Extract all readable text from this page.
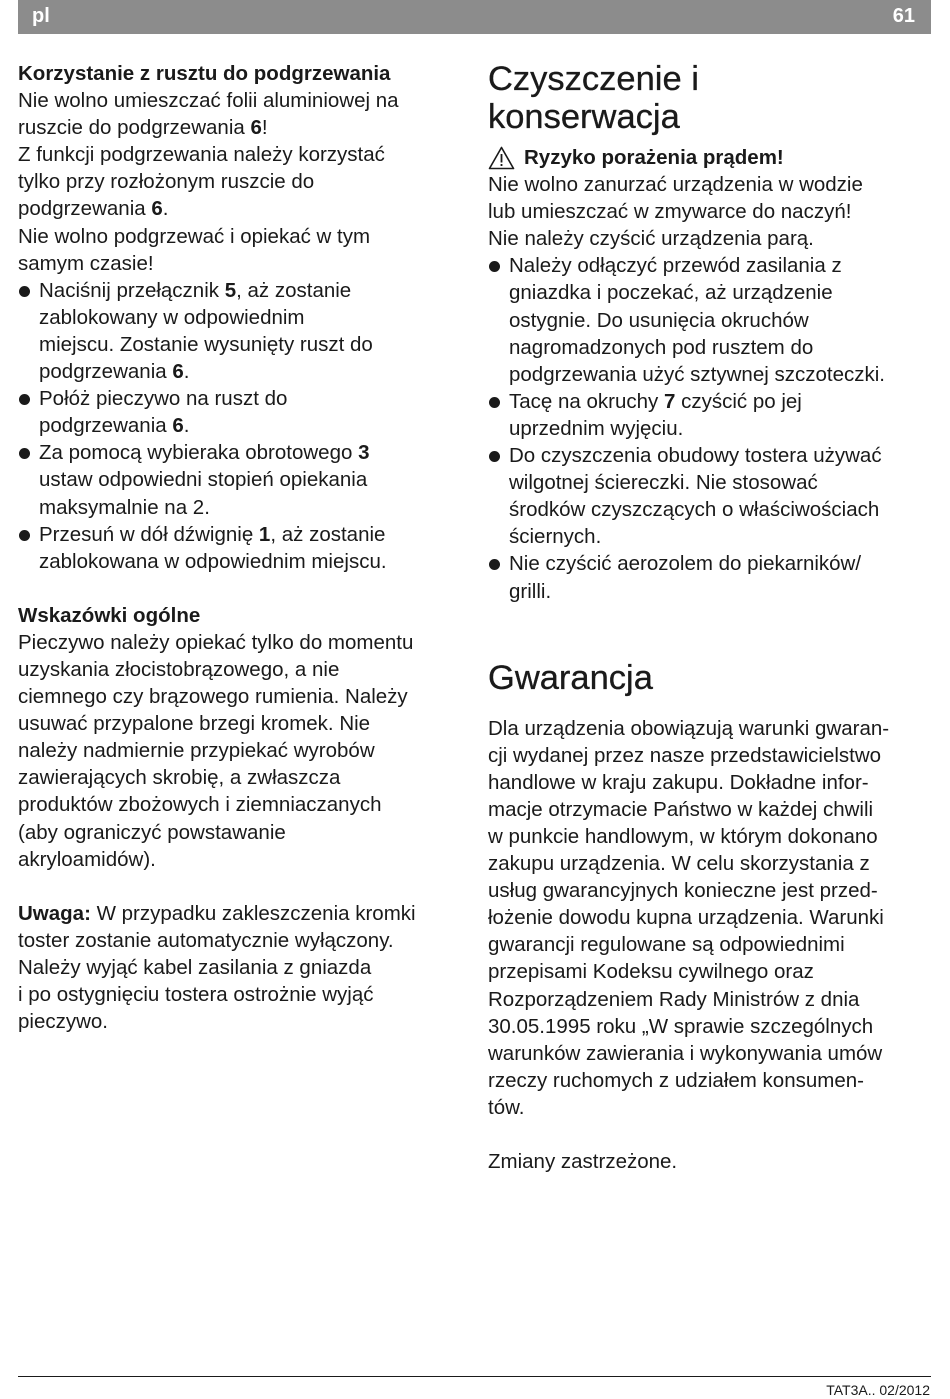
pl	61

Korzystanie z rusztu do podgrzewania

Nie wolno umieszczać folii aluminiowej na
ruszcie do podgrzewania 6!

Z funkcji podgrzewania należy korzystać
tylko przy rozłożonym ruszcie do
podgrzewania 6.

Nie wolno podgrzewać i opiekać w tym
samym czasie!

Naciśnij przełącznik 5, aż zostanie
zablokowany w odpowiednim
miejscu. Zostanie wysunięty ruszt do
podgrzewania 6.
Połóż pieczywo na ruszt do
podgrzewania 6.
Za pomocą wybieraka obrotowego 3
ustaw odpowiedni stopień opiekania
maksymalnie na 2.
Przesuń w dół dźwignię 1, aż zostanie
zablokowana w odpowiednim miejscu.

Wskazówki ogólne

Pieczywo należy opiekać tylko do momentu
uzyskania złocistobrązowego, a nie
ciemnego czy brązowego rumienia. Należy
usuwać przypalone brzegi kromek. Nie
należy nadmiernie przypiekać wyrobów
zawierających skrobię, a zwłaszcza
produktów zbożowych i ziemniaczanych
(aby ograniczyć powstawanie
akryloamidów).

Uwaga: W przypadku zakleszczenia kromki
toster zostanie automatycznie wyłączony.
Należy wyjąć kabel zasilania z gniazda
i po ostygnięciu tostera ostrożnie wyjąć
pieczywo.

Czyszczenie i
konserwacja
Ryzyko porażenia prądem!

Nie wolno zanurzać urządzenia w wodzie
lub umieszczać w zmywarce do naczyń!
Nie należy czyścić urządzenia parą.

Należy odłączyć przewód zasilania z
gniazdka i poczekać, aż urządzenie
ostygnie. Do usunięcia okruchów
nagromadzonych pod rusztem do
podgrzewania użyć sztywnej szczoteczki.
Tacę na okruchy 7 czyścić po jej
uprzednim wyjęciu.
Do czyszczenia obudowy tostera używać
wilgotnej ściereczki. Nie stosować
środków czyszczących o właściwościach
ściernych.
Nie czyścić aerozolem do piekarników/
grilli.
Gwarancja

Dla urządzenia obowiązują warunki gwaran-
cji wydanej przez nasze przedstawicielstwo
handlowe w kraju zakupu. Dokładne infor-
macje otrzymacie Państwo w każdej chwili
w punkcie handlowym, w którym dokonano
zakupu urządzenia. W celu skorzystania z
usług gwarancyjnych konieczne jest przed-
łożenie dowodu kupna urządzenia. Warunki
gwarancji regulowane są odpowiednimi
przepisami Kodeksu cywilnego oraz
Rozporządzeniem Rady Ministrów z dnia
30.05.1995 roku „W sprawie szczególnych
warunków zawierania i wykonywania umów
rzeczy ruchomych z udziałem konsumen-
tów.

Zmiany zastrzeżone.

TAT3A.. 02/2012
